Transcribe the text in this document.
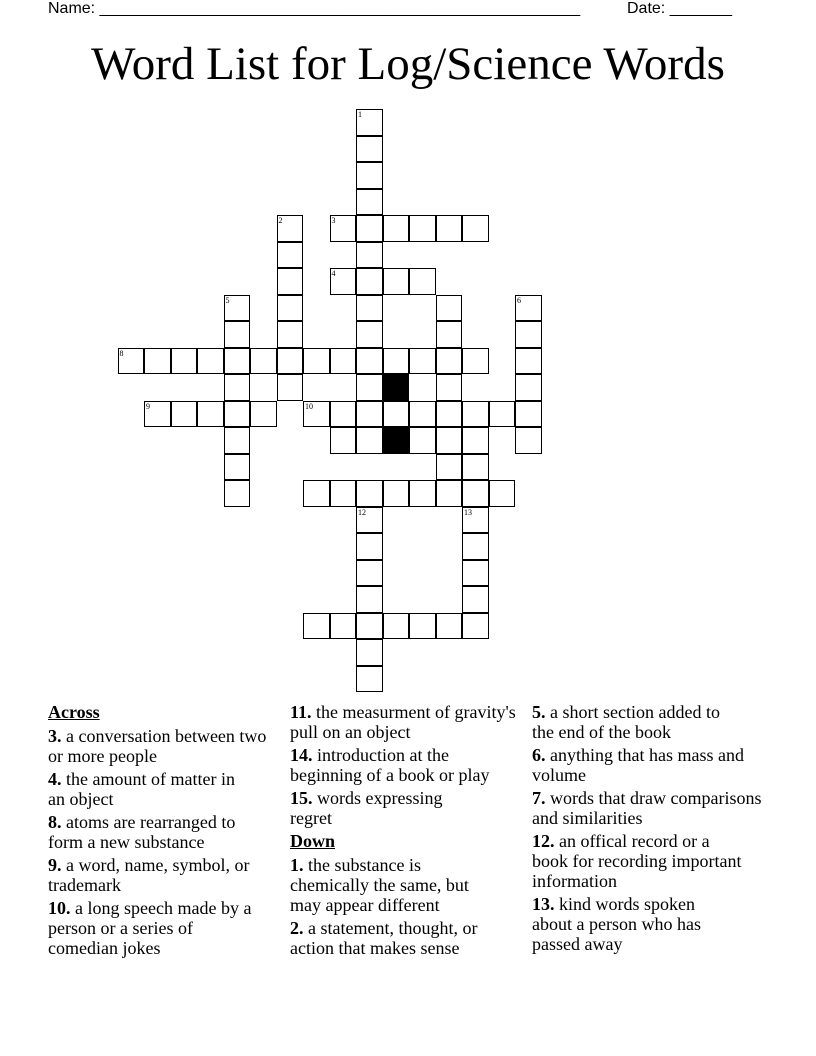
Name: ______________________________________________________	Date: _______
Word List for Log/Science Words
1
2	3
4
5
8
9	10
6
12	13
Across
3. a conversation between two or more people
4. the amount of matter in an object
8. atoms are rearranged to form a new substance
9. a word, name, symbol, or trademark
10. a long speech made by a person or a series of comedian jokes
11. the measurment of gravity's pull on an object
14. introduction at the beginning of a book or play
15. words expressing regret
Down
1. the substance is chemically the same, but may appear different
2. a statement, thought, or action that makes sense
5. a short section added to the end of the book
6. anything that has mass and volume
7. words that draw comparisons and similarities
12. an offical record or a book for recording important information
13. kind words spoken about a person who has passed away
